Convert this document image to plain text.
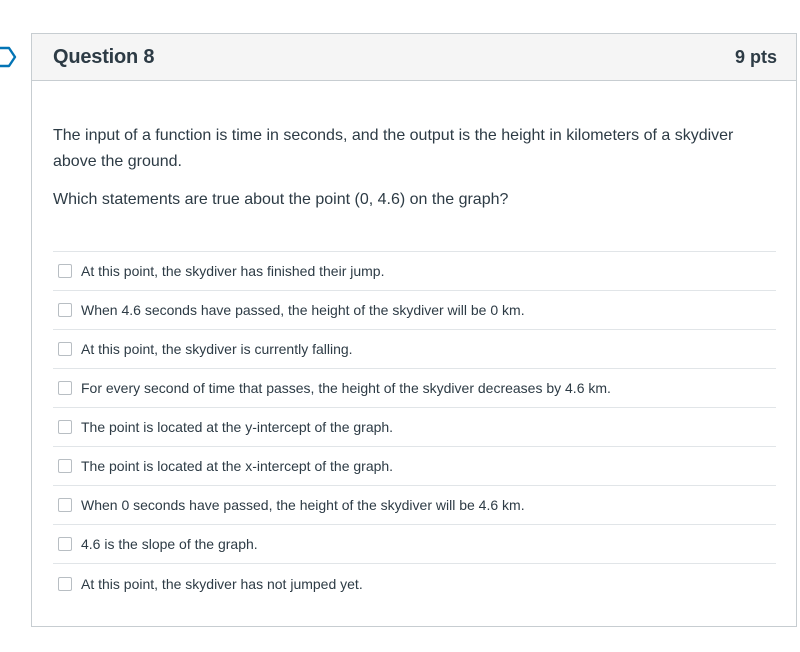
Question 8	9 pts

The input of a function is time in seconds, and the output is the height in kilometers of a skydiver above the ground.

Which statements are true about the point (0, 4.6) on the graph?

At this point, the skydiver has finished their jump.
When 4.6 seconds have passed, the height of the skydiver will be 0 km.
At this point, the skydiver is currently falling.
For every second of time that passes, the height of the skydiver decreases by 4.6 km.
The point is located at the y-intercept of the graph.
The point is located at the x-intercept of the graph.
When 0 seconds have passed, the height of the skydiver will be 4.6 km.
4.6 is the slope of the graph.
At this point, the skydiver has not jumped yet.
